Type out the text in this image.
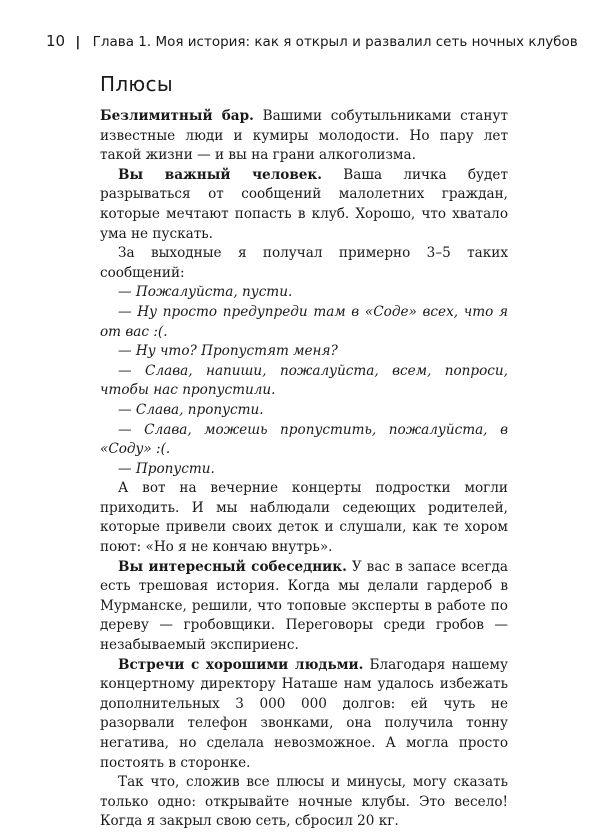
10 | Глава 1. Моя история: как я открыл и развалил сеть ночных клубов
Плюсы

Безлимитный бар. Вашими собутыльниками станут известные люди и кумиры молодости. Но пару лет такой жизни — и вы на грани алкоголизма.

Вы важный человек. Ваша личка будет разрываться от сообщений малолетних граждан, которые мечтают попасть в клуб. Хорошо, что хватало ума не пускать.

За выходные я получал примерно 3–5 таких сообщений:

— Пожалуйста, пусти.

— Ну просто предупреди там в «Соде» всех, что я от вас :(.

— Ну что? Пропустят меня?

— Слава, напиши, пожалуйста, всем, попроси, чтобы нас пропустили.

— Слава, пропусти.

— Слава, можешь пропустить, пожалуйста, в «Соду» :(.

— Пропусти.

А вот на вечерние концерты подростки могли приходить. И мы наблюдали седеющих родителей, которые привели своих деток и слушали, как те хором поют: «Но я не кончаю внутрь».

Вы интересный собеседник. У вас в запасе всегда есть трешовая история. Когда мы делали гардероб в Мурманске, решили, что топовые эксперты в работе по дереву — гробовщики. Переговоры среди гробов — незабываемый экспириенс.

Встречи с хорошими людьми. Благодаря нашему концертному директору Наташе нам удалось избежать дополнительных 3 000 000 долгов: ей чуть не разорвали телефон звонками, она получила тонну негатива, но сделала невозможное. А могла просто постоять в сторонке.

Так что, сложив все плюсы и минусы, могу сказать только одно: открывайте ночные клубы. Это весело! Когда я закрыл свою сеть, сбросил 20 кг.
